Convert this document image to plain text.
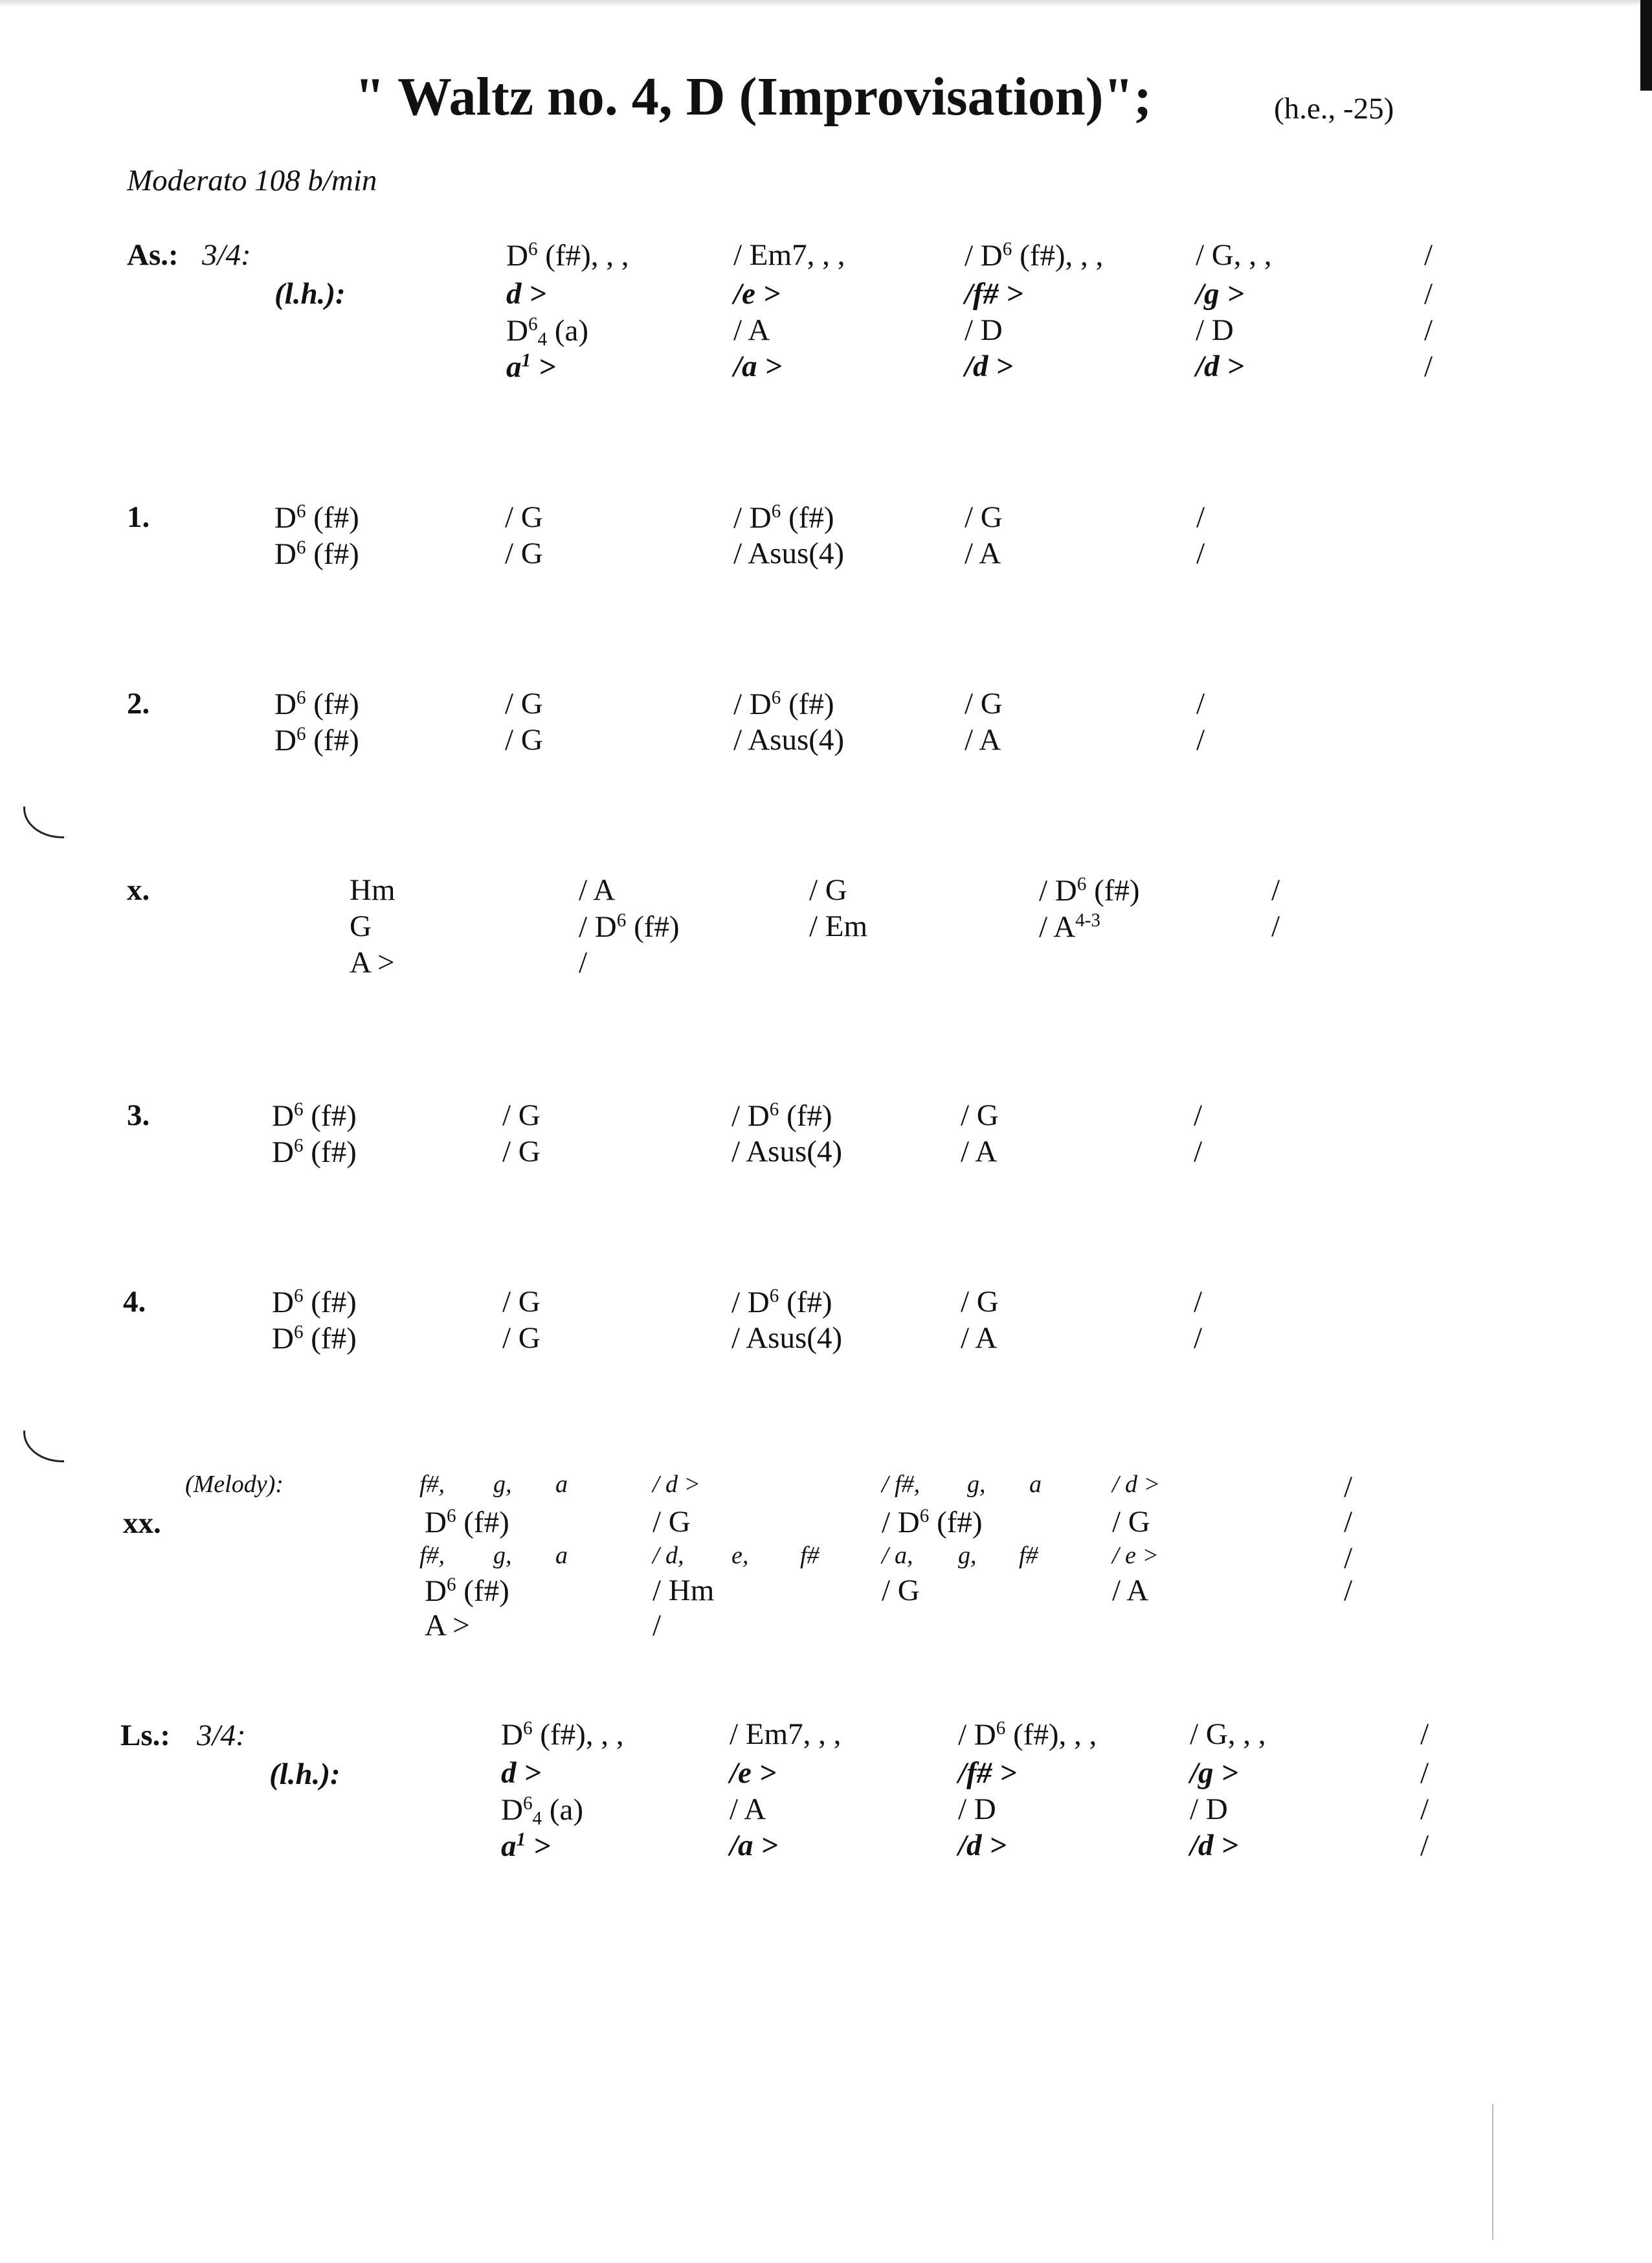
" Waltz no. 4, D (Improvisation)";	(h.e., -25)
Moderato 108 b/min
As.: 3/4:
(l.h.):
$D^6$ (f#), , ,	/ Em7, , ,	/ $D^6$ (f#), , ,	/ G, , ,	/
d >	/e >	/f# >	/g >	/
$D^6_4$ (a)	/ A	/ D	/ D	/
$a^1$ >	/a >	/d >	/d >	/
1.	$D^6$ (f#)	/ G	/ $D^6$ (f#)	/ G	/
$D^6$ (f#)	/ G	/ Asus(4)	/ A	/
2.	$D^6$ (f#)	/ G	/ $D^6$ (f#)	/ G	/
$D^6$ (f#)	/ G	/ Asus(4)	/ A	/
x.	Hm	/ A	/ G	/ $D^6$ (f#)	/
G	/ $D^6$ (f#)	/ Em	/ $A^{4-3}$	/
A >	/
3.	$D^6$ (f#)	/ G	/ $D^6$ (f#)	/ G	/
$D^6$ (f#)	/ G	/ Asus(4)	/ A	/
4.	$D^6$ (f#)	/ G	/ $D^6$ (f#)	/ G	/
$D^6$ (f#)	/ G	/ Asus(4)	/ A	/
(Melody):
xx.
f#, g, a	/ d >	/ f#, g, a	/ d >	/
$D^6$ (f#)	/ G	/ $D^6$ (f#)	/ G	/
f#, g, a	/ d, e, f#	/ a, g, f#	/ e >	/
$D^6$ (f#)	/ Hm	/ G	/ A	/
A >	/
Ls.: 3/4:
(l.h.):
$D^6$ (f#), , ,	/ Em7, , ,	/ $D^6$ (f#), , ,	/ G, , ,	/
d >	/e >	/f# >	/g >	/
$D^6_4$ (a)	/ A	/ D	/ D	/
$a^1$ >	/a >	/d >	/d >	/
